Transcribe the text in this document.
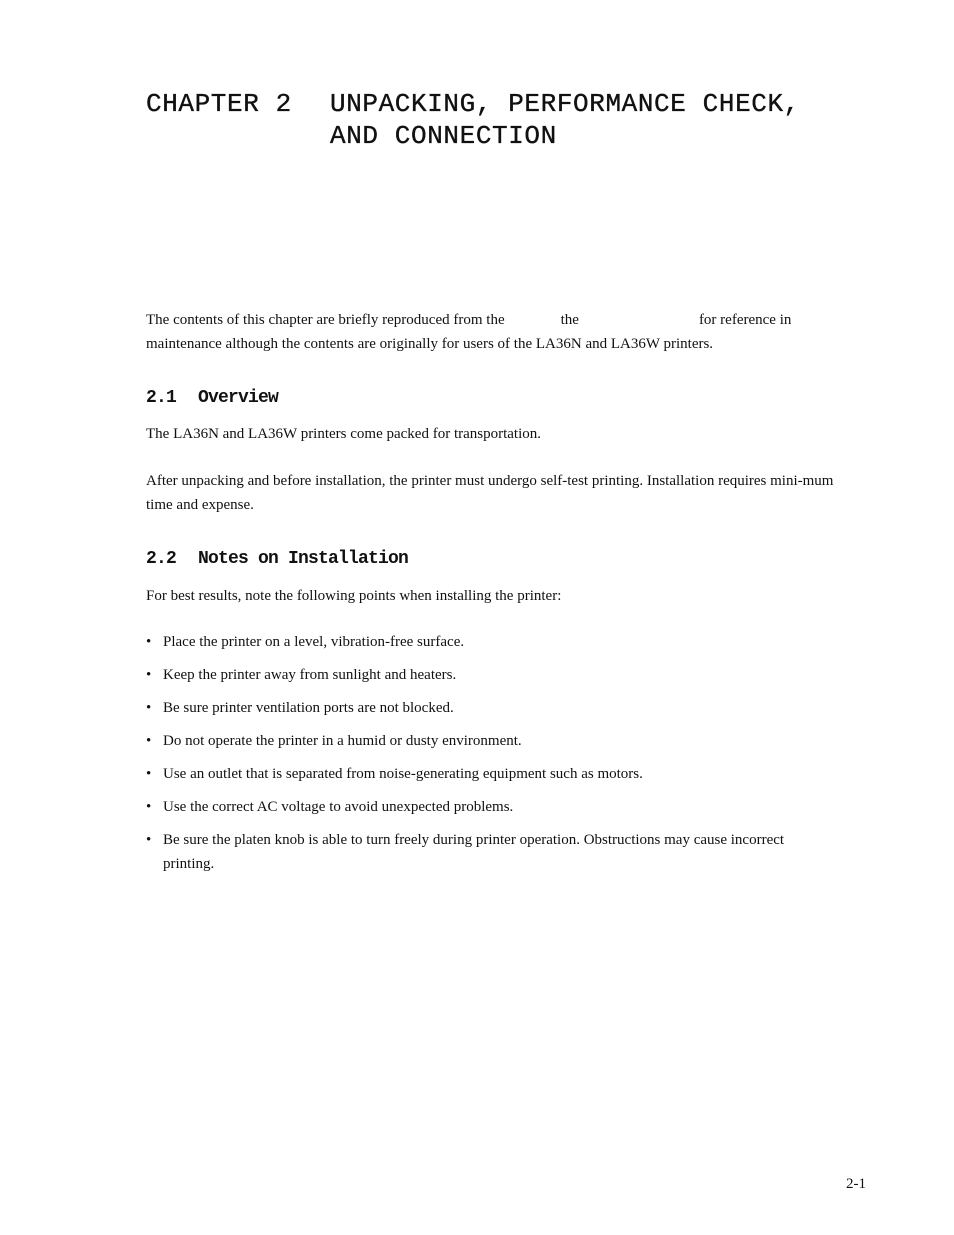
CHAPTER 2	UNPACKING, PERFORMANCE CHECK,
AND CONNECTION

The contents of this chapter are briefly reproduced from the	the	for reference in
maintenance although the contents are originally for users of the LA36N and LA36W printers.

2.1 Overview

The LA36N and LA36W printers come packed for transportation.

After unpacking and before installation, the printer must undergo self-test printing. Installation requires mini-mum time and expense.

2.2 Notes on Installation

For best results, note the following points when installing the printer:

• Place the printer on a level, vibration-free surface.
• Keep the printer away from sunlight and heaters.
• Be sure printer ventilation ports are not blocked.
• Do not operate the printer in a humid or dusty environment.
• Use an outlet that is separated from noise-generating equipment such as motors.
• Use the correct AC voltage to avoid unexpected problems.
• Be sure the platen knob is able to turn freely during printer operation. Obstructions may cause incorrect printing.

2-1
